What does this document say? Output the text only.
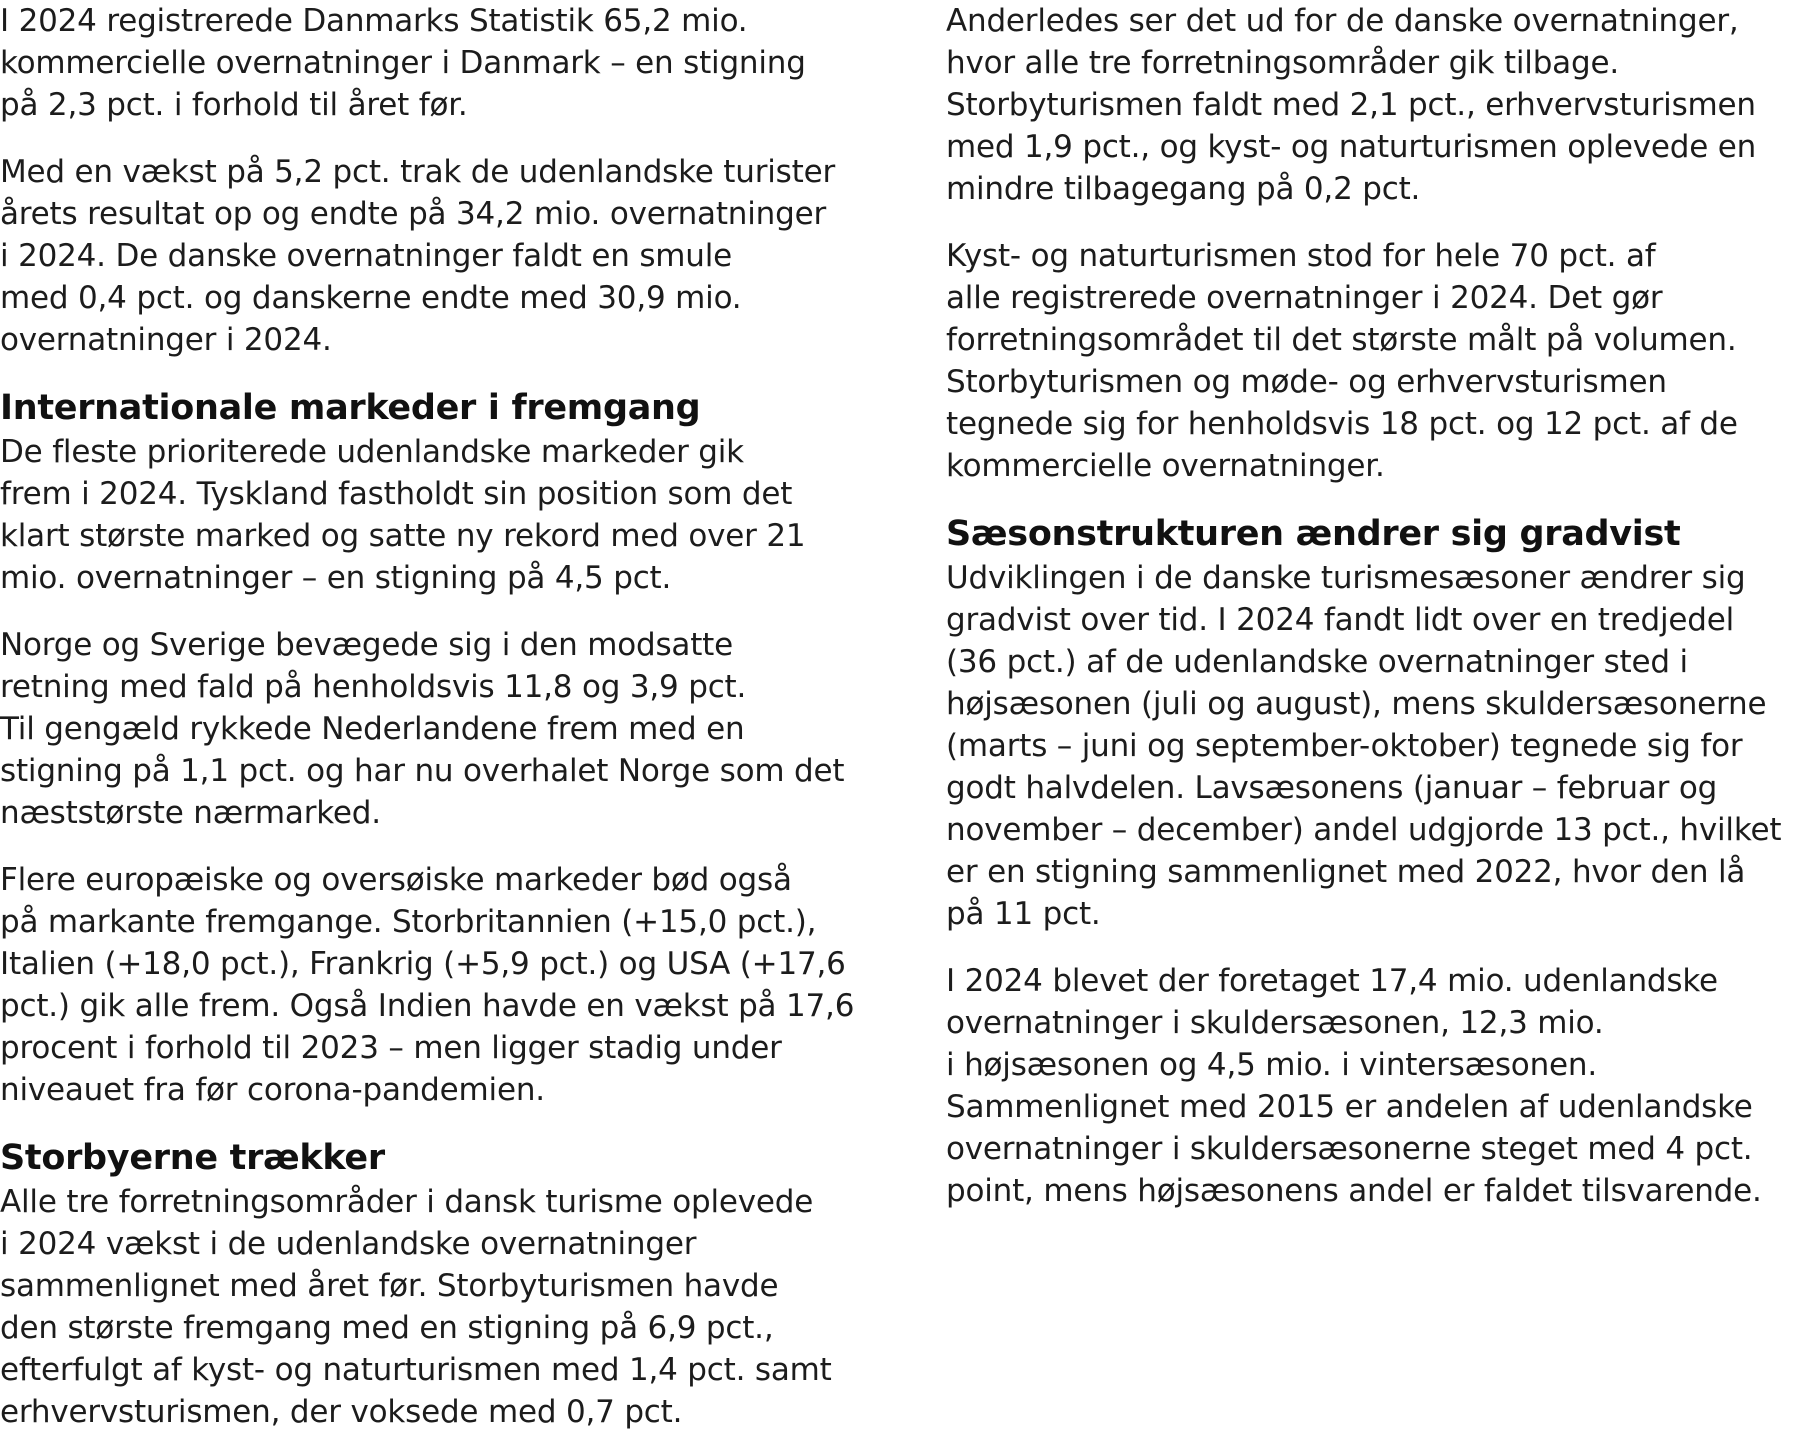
I 2024 registrerede Danmarks Statistik 65,2 mio.
kommercielle overnatninger i Danmark – en stigning
på 2,3 pct. i forhold til året før.

Med en vækst på 5,2 pct. trak de udenlandske turister
årets resultat op og endte på 34,2 mio. overnatninger
i 2024. De danske overnatninger faldt en smule
med 0,4 pct. og danskerne endte med 30,9 mio.
overnatninger i 2024.

Internationale markeder i fremgang

De fleste prioriterede udenlandske markeder gik
frem i 2024. Tyskland fastholdt sin position som det
klart største marked og satte ny rekord med over 21
mio. overnatninger – en stigning på 4,5 pct.

Norge og Sverige bevægede sig i den modsatte
retning med fald på henholdsvis 11,8 og 3,9 pct.
Til gengæld rykkede Nederlandene frem med en
stigning på 1,1 pct. og har nu overhalet Norge som det
næststørste nærmarked.

Flere europæiske og oversøiske markeder bød også
på markante fremgange. Storbritannien (+15,0 pct.),
Italien (+18,0 pct.), Frankrig (+5,9 pct.) og USA (+17,6
pct.) gik alle frem. Også Indien havde en vækst på 17,6
procent i forhold til 2023 – men ligger stadig under
niveauet fra før corona-pandemien.

Storbyerne trækker

Alle tre forretningsområder i dansk turisme oplevede
i 2024 vækst i de udenlandske overnatninger
sammenlignet med året før. Storbyturismen havde
den største fremgang med en stigning på 6,9 pct.,
efterfulgt af kyst- og naturturismen med 1,4 pct. samt
erhvervsturismen, der voksede med 0,7 pct.

Anderledes ser det ud for de danske overnatninger,
hvor alle tre forretningsområder gik tilbage.
Storbyturismen faldt med 2,1 pct., erhvervsturismen
med 1,9 pct., og kyst- og naturturismen oplevede en
mindre tilbagegang på 0,2 pct.

Kyst- og naturturismen stod for hele 70 pct. af
alle registrerede overnatninger i 2024. Det gør
forretningsområdet til det største målt på volumen.
Storbyturismen og møde- og erhvervsturismen
tegnede sig for henholdsvis 18 pct. og 12 pct. af de
kommercielle overnatninger.

Sæsonstrukturen ændrer sig gradvist

Udviklingen i de danske turismesæsoner ændrer sig
gradvist over tid. I 2024 fandt lidt over en tredjedel
(36 pct.) af de udenlandske overnatninger sted i
højsæsonen (juli og august), mens skuldersæsonerne
(marts – juni og september-oktober) tegnede sig for
godt halvdelen. Lavsæsonens (januar – februar og
november – december) andel udgjorde 13 pct., hvilket
er en stigning sammenlignet med 2022, hvor den lå
på 11 pct.

I 2024 blevet der foretaget 17,4 mio. udenlandske
overnatninger i skuldersæsonen, 12,3 mio.
i højsæsonen og 4,5 mio. i vintersæsonen.
Sammenlignet med 2015 er andelen af udenlandske
overnatninger i skuldersæsonerne steget med 4 pct.
point, mens højsæsonens andel er faldet tilsvarende.
